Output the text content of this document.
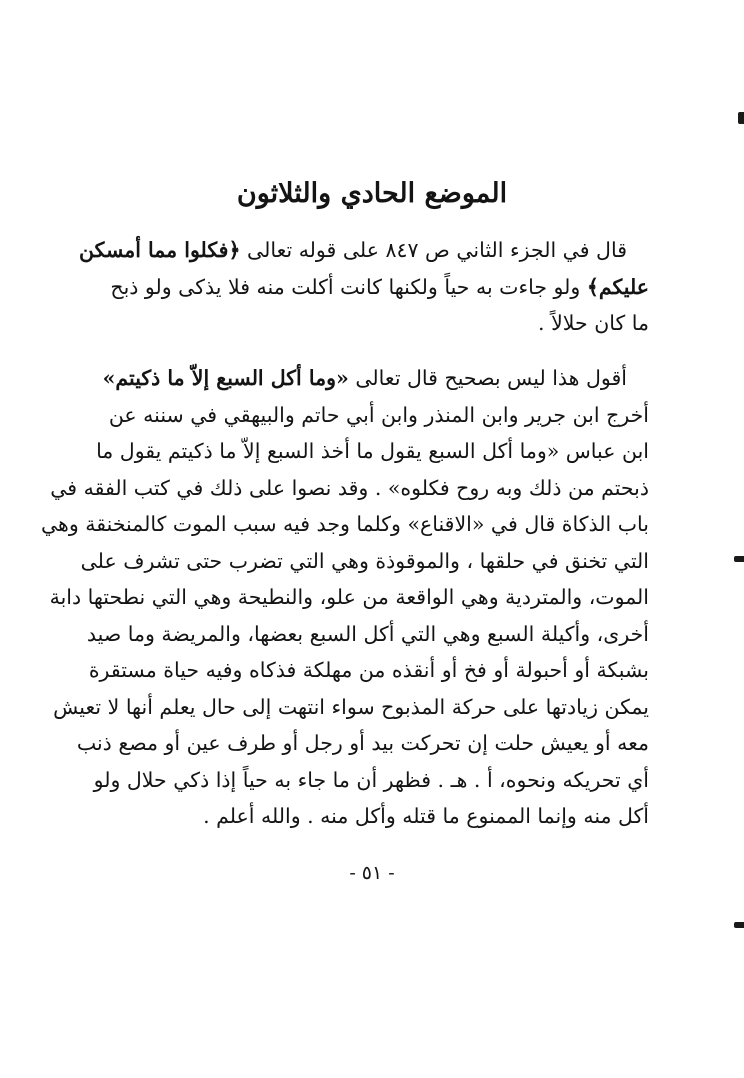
الموضع الحادي والثلاثون
قال في الجزء الثاني ص ٨٤٧ على قوله تعالى ﴿فكلوا مما أمسكن
عليكم﴾ ولو جاءت به حياً ولكنها كانت أكلت منه فلا يذكى ولو ذبح
ما كان حلالاً .
أقول هذا ليس بصحيح قال تعالى «وما أكل السبع إلاّ ما ذكيتم»
أخرج ابن جرير وابن المنذر وابن أبي حاتم والبيهقي في سننه عن
ابن عباس «وما أكل السبع يقول ما أخذ السبع إلاّ ما ذكيتم يقول ما
ذبحتم من ذلك وبه روح فكلوه» . وقد نصوا على ذلك في كتب الفقه في
باب الذكاة قال في «الاقناع» وكلما وجد فيه سبب الموت كالمنخنقة وهي
التي تخنق في حلقها ، والموقوذة وهي التي تضرب حتى تشرف على
الموت، والمتردية وهي الواقعة من علو، والنطيحة وهي التي نطحتها دابة
أخرى، وأكيلة السبع وهي التي أكل السبع بعضها، والمريضة وما صيد
بشبكة أو أحبولة أو فخ أو أنقذه من مهلكة فذكاه وفيه حياة مستقرة
يمكن زيادتها على حركة المذبوح سواء انتهت إلى حال يعلم أنها لا تعيش
معه أو يعيش حلت إن تحركت بيد أو رجل أو طرف عين أو مصع ذنب
أي تحريكه ونحوه، أ . هـ . فظهر أن ما جاء به حياً إذا ذكي حلال ولو
أكل منه وإنما الممنوع ما قتله وأكل منه . والله أعلم .
- ٥١ -
